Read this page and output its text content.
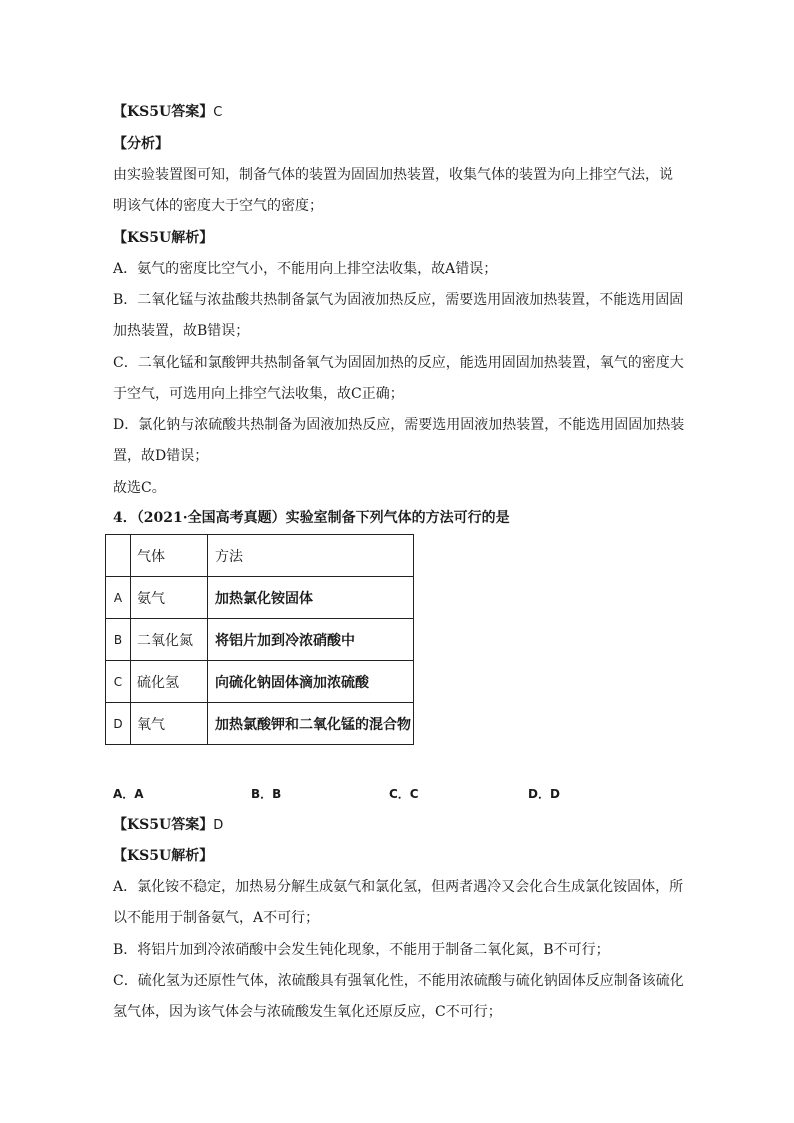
【KS5U答案】C
【分析】
由实验装置图可知，制备气体的装置为固固加热装置，收集气体的装置为向上排空气法，说
明该气体的密度大于空气的密度；
【KS5U解析】
A．氨气的密度比空气小，不能用向上排空法收集，故A错误；
B．二氧化锰与浓盐酸共热制备氯气为固液加热反应，需要选用固液加热装置，不能选用固固
加热装置，故B错误；
C．二氧化锰和氯酸钾共热制备氧气为固固加热的反应，能选用固固加热装置，氧气的密度大
于空气，可选用向上排空气法收集，故C正确；
D．氯化钠与浓硫酸共热制备为固液加热反应，需要选用固液加热装置，不能选用固固加热装
置，故D错误；
故选C。
4．（2021·全国高考真题）实验室制备下列气体的方法可行的是
	气体	方法
A	氨气	加热氯化铵固体
B	二氧化氮	将铝片加到冷浓硝酸中
C	硫化氢	向硫化钠固体滴加浓硫酸
D	氧气	加热氯酸钾和二氧化锰的混合物
A．A	B．B	C．C	D．D
【KS5U答案】D
【KS5U解析】
A．氯化铵不稳定，加热易分解生成氨气和氯化氢，但两者遇冷又会化合生成氯化铵固体，所
以不能用于制备氨气，A不可行；
B．将铝片加到冷浓硝酸中会发生钝化现象，不能用于制备二氧化氮，B不可行；
C．硫化氢为还原性气体，浓硫酸具有强氧化性，不能用浓硫酸与硫化钠固体反应制备该硫化
氢气体，因为该气体会与浓硫酸发生氧化还原反应，C不可行；
